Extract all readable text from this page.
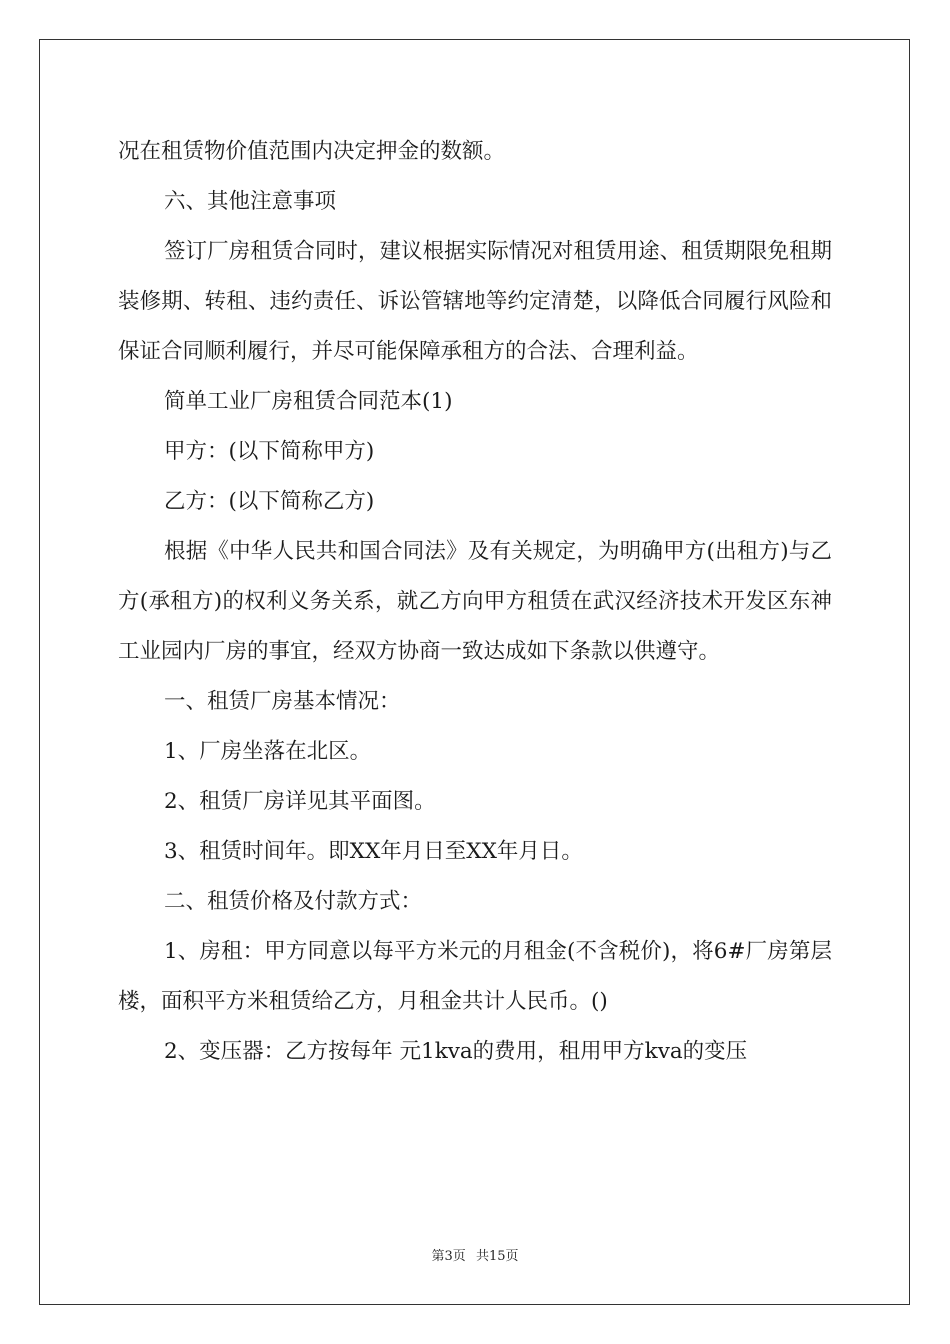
况在租赁物价值范围内决定押金的数额。

六、其他注意事项

签订厂房租赁合同时，建议根据实际情况对租赁用途、租赁期限免租期装修期、转租、违约责任、诉讼管辖地等约定清楚，以降低合同履行风险和保证合同顺利履行，并尽可能保障承租方的合法、合理利益。

简单工业厂房租赁合同范本(1)

甲方：(以下简称甲方)

乙方：(以下简称乙方)

根据《中华人民共和国合同法》及有关规定，为明确甲方(出租方)与乙方(承租方)的权利义务关系，就乙方向甲方租赁在武汉经济技术开发区东神工业园内厂房的事宜，经双方协商一致达成如下条款以供遵守。

一、租赁厂房基本情况：

1、厂房坐落在北区。

2、租赁厂房详见其平面图。

3、租赁时间年。即XX年月日至XX年月日。

二、租赁价格及付款方式：

1、房租：甲方同意以每平方米元的月租金(不含税价)，将6#厂房第层楼，面积平方米租赁给乙方，月租金共计人民币。()

2、变压器：乙方按每年 元1kva的费用，租用甲方kva的变压

第3页 共15页
